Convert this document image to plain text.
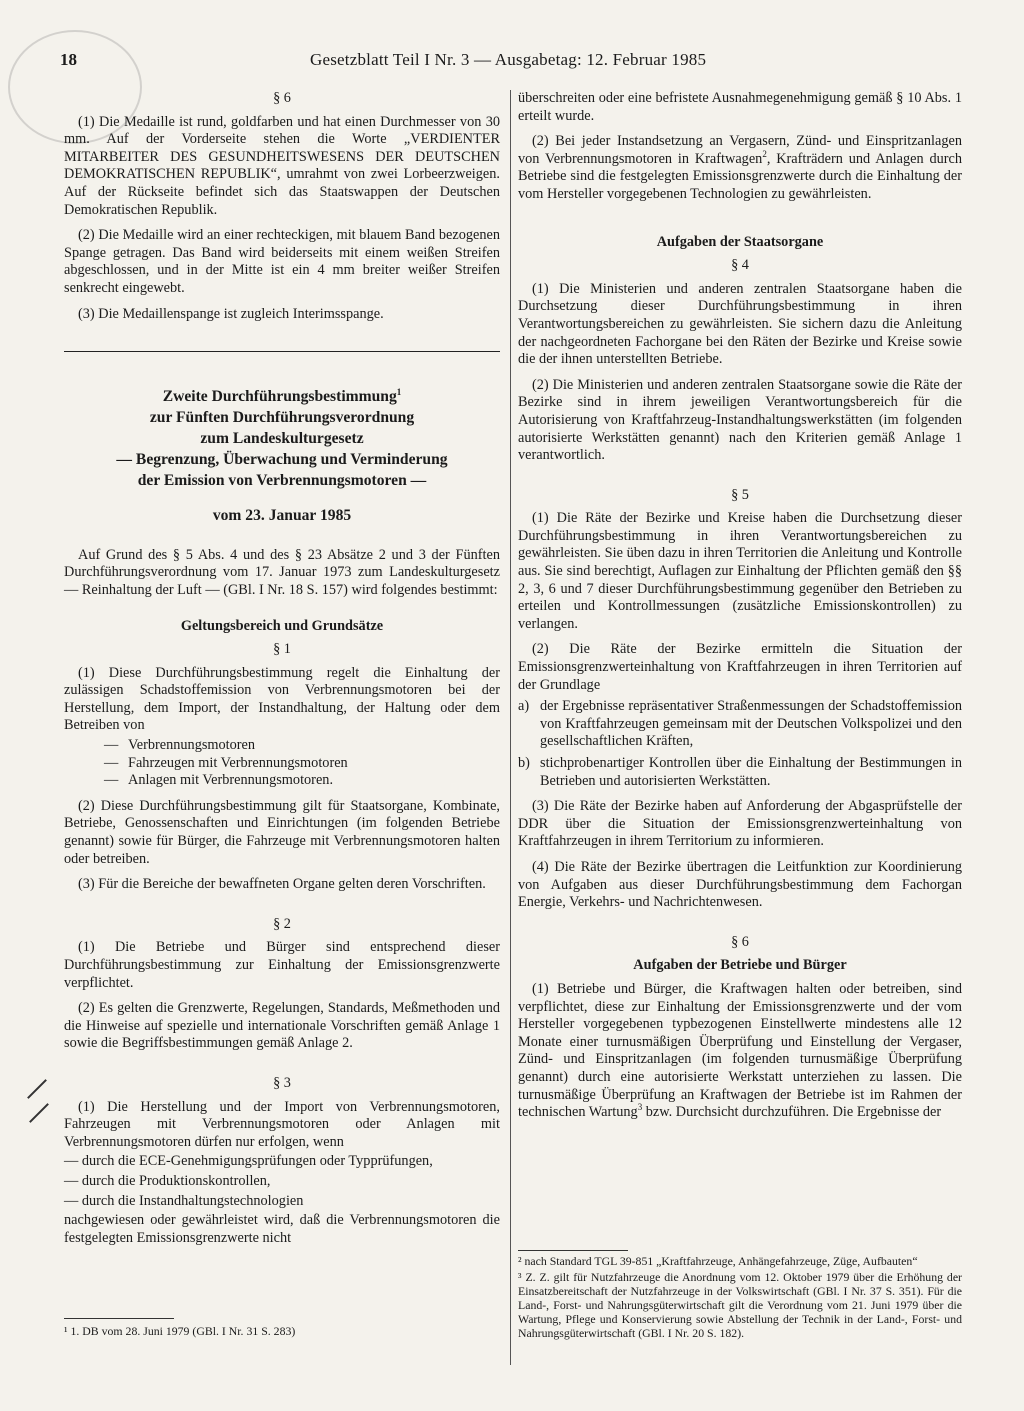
18	Gesetzblatt Teil I Nr. 3 — Ausgabetag: 12. Februar 1985
§ 6

(1) Die Medaille ist rund, goldfarben und hat einen Durchmesser von 30 mm. Auf der Vorderseite stehen die Worte „VERDIENTER MITARBEITER DES GESUNDHEITSWESENS DER DEUTSCHEN DEMOKRATISCHEN REPUBLIK“, umrahmt von zwei Lorbeerzweigen. Auf der Rückseite befindet sich das Staatswappen der Deutschen Demokratischen Republik.

(2) Die Medaille wird an einer rechteckigen, mit blauem Band bezogenen Spange getragen. Das Band wird beiderseits mit einem weißen Streifen abgeschlossen, und in der Mitte ist ein 4 mm breiter weißer Streifen senkrecht eingewebt.

(3) Die Medaillenspange ist zugleich Interimsspange.

Zweite Durchführungsbestimmung$^1$
zur Fünften Durchführungsverordnung
zum Landeskulturgesetz
— Begrenzung, Überwachung und Verminderung
der Emission von Verbrennungsmotoren —
vom 23. Januar 1985

Auf Grund des § 5 Abs. 4 und des § 23 Absätze 2 und 3 der Fünften Durchführungsverordnung vom 17. Januar 1973 zum Landeskulturgesetz — Reinhaltung der Luft — (GBl. I Nr. 18 S. 157) wird folgendes bestimmt:

Geltungsbereich und Grundsätze
§ 1

(1) Diese Durchführungsbestimmung regelt die Einhaltung der zulässigen Schadstoffemission von Verbrennungsmotoren bei der Herstellung, dem Import, der Instandhaltung, der Haltung oder dem Betreiben von

— Verbrennungsmotoren
— Fahrzeugen mit Verbrennungsmotoren
— Anlagen mit Verbrennungsmotoren.

(2) Diese Durchführungsbestimmung gilt für Staatsorgane, Kombinate, Betriebe, Genossenschaften und Einrichtungen (im folgenden Betriebe genannt) sowie für Bürger, die Fahrzeuge mit Verbrennungsmotoren halten oder betreiben.

(3) Für die Bereiche der bewaffneten Organe gelten deren Vorschriften.

§ 2

(1) Die Betriebe und Bürger sind entsprechend dieser Durchführungsbestimmung zur Einhaltung der Emissionsgrenzwerte verpflichtet.

(2) Es gelten die Grenzwerte, Regelungen, Standards, Meßmethoden und die Hinweise auf spezielle und internationale Vorschriften gemäß Anlage 1 sowie die Begriffsbestimmungen gemäß Anlage 2.

§ 3

(1) Die Herstellung und der Import von Verbrennungsmotoren, Fahrzeugen mit Verbrennungsmotoren oder Anlagen mit Verbrennungsmotoren dürfen nur erfolgen, wenn

— durch die ECE-Genehmigungsprüfungen oder Typprüfungen,
— durch die Produktionskontrollen,
— durch die Instandhaltungstechnologien

nachgewiesen oder gewährleistet wird, daß die Verbrennungsmotoren die festgelegten Emissionsgrenzwerte nicht

¹ 1. DB vom 28. Juni 1979 (GBl. I Nr. 31 S. 283)

überschreiten oder eine befristete Ausnahmegenehmigung gemäß § 10 Abs. 1 erteilt wurde.

(2) Bei jeder Instandsetzung an Vergasern, Zünd- und Einspritzanlagen von Verbrennungsmotoren in Kraftwagen$^2$, Krafträdern und Anlagen durch Betriebe sind die festgelegten Emissionsgrenzwerte durch die Einhaltung der vom Hersteller vorgegebenen Technologien zu gewährleisten.

Aufgaben der Staatsorgane
§ 4

(1) Die Ministerien und anderen zentralen Staatsorgane haben die Durchsetzung dieser Durchführungsbestimmung in ihren Verantwortungsbereichen zu gewährleisten. Sie sichern dazu die Anleitung der nachgeordneten Fachorgane bei den Räten der Bezirke und Kreise sowie die der ihnen unterstellten Betriebe.

(2) Die Ministerien und anderen zentralen Staatsorgane sowie die Räte der Bezirke sind in ihrem jeweiligen Verantwortungsbereich für die Autorisierung von Kraftfahrzeug-Instandhaltungswerkstätten (im folgenden autorisierte Werkstätten genannt) nach den Kriterien gemäß Anlage 1 verantwortlich.

§ 5

(1) Die Räte der Bezirke und Kreise haben die Durchsetzung dieser Durchführungsbestimmung in ihren Verantwortungsbereichen zu gewährleisten. Sie üben dazu in ihren Territorien die Anleitung und Kontrolle aus. Sie sind berechtigt, Auflagen zur Einhaltung der Pflichten gemäß den §§ 2, 3, 6 und 7 dieser Durchführungsbestimmung gegenüber den Betrieben zu erteilen und Kontrollmessungen (zusätzliche Emissionskontrollen) zu verlangen.

(2) Die Räte der Bezirke ermitteln die Situation der Emissionsgrenzwerteinhaltung von Kraftfahrzeugen in ihren Territorien auf der Grundlage

a) der Ergebnisse repräsentativer Straßenmessungen der Schadstoffemission von Kraftfahrzeugen gemeinsam mit der Deutschen Volkspolizei und den gesellschaftlichen Kräften,
b) stichprobenartiger Kontrollen über die Einhaltung der Bestimmungen in Betrieben und autorisierten Werkstätten.

(3) Die Räte der Bezirke haben auf Anforderung der Abgasprüfstelle der DDR über die Situation der Emissionsgrenzwerteinhaltung von Kraftfahrzeugen in ihrem Territorium zu informieren.

(4) Die Räte der Bezirke übertragen die Leitfunktion zur Koordinierung von Aufgaben aus dieser Durchführungsbestimmung dem Fachorgan Energie, Verkehrs- und Nachrichtenwesen.

§ 6
Aufgaben der Betriebe und Bürger

(1) Betriebe und Bürger, die Kraftwagen halten oder betreiben, sind verpflichtet, diese zur Einhaltung der Emissionsgrenzwerte und der vom Hersteller vorgegebenen typbezogenen Einstellwerte mindestens alle 12 Monate einer turnusmäßigen Überprüfung und Einstellung der Vergaser, Zünd- und Einspritzanlagen (im folgenden turnusmäßige Überprüfung genannt) durch eine autorisierte Werkstatt unterziehen zu lassen. Die turnusmäßige Überprüfung an Kraftwagen der Betriebe ist im Rahmen der technischen Wartung$^3$ bzw. Durchsicht durchzuführen. Die Ergebnisse der

² nach Standard TGL 39-851 „Kraftfahrzeuge, Anhängefahrzeuge, Züge, Aufbauten“

³ Z. Z. gilt für Nutzfahrzeuge die Anordnung vom 12. Oktober 1979 über die Erhöhung der Einsatzbereitschaft der Nutzfahrzeuge in der Volkswirtschaft (GBl. I Nr. 37 S. 351). Für die Land-, Forst- und Nahrungsgüterwirtschaft gilt die Verordnung vom 21. Juni 1979 über die Wartung, Pflege und Konservierung sowie Abstellung der Technik in der Land-, Forst- und Nahrungsgüterwirtschaft (GBl. I Nr. 20 S. 182).
